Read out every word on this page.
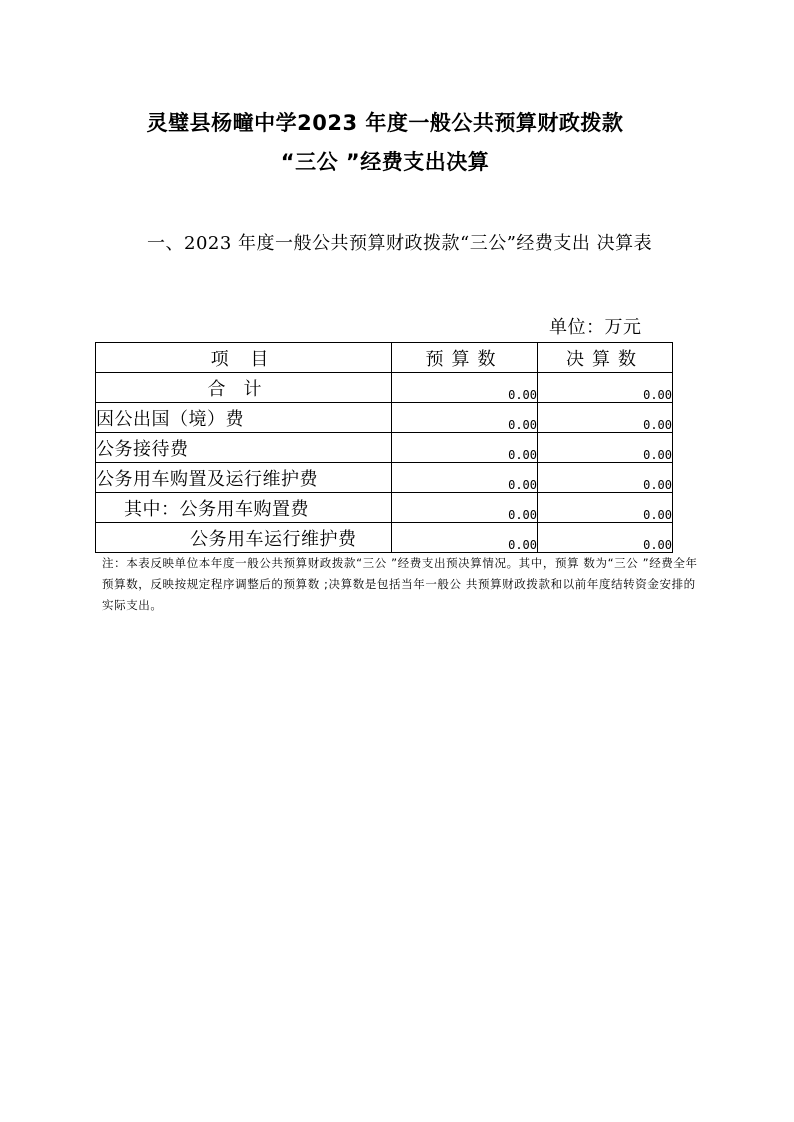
灵璧县杨疃中学2023 年度一般公共预算财政拨款
“三公 ”经费支出决算
一、2023 年度一般公共预算财政拨款“三公”经费支出 决算表
单位：万元
项 目	预算数	决算数
合计	0.00	0.00
因公出国（境）费	0.00	0.00
公务接待费	0.00	0.00
公务用车购置及运行维护费	0.00	0.00
其中：公务用车购置费	0.00	0.00
公务用车运行维护费	0.00	0.00
注：本表反映单位本年度一般公共预算财政拨款“三公 ”经费支出预决算情况。其中，预算 数为“三公 ”经费全年预算数，反映按规定程序调整后的预算数 ;决算数是包括当年一般公 共预算财政拨款和以前年度结转资金安排的实际支出。
